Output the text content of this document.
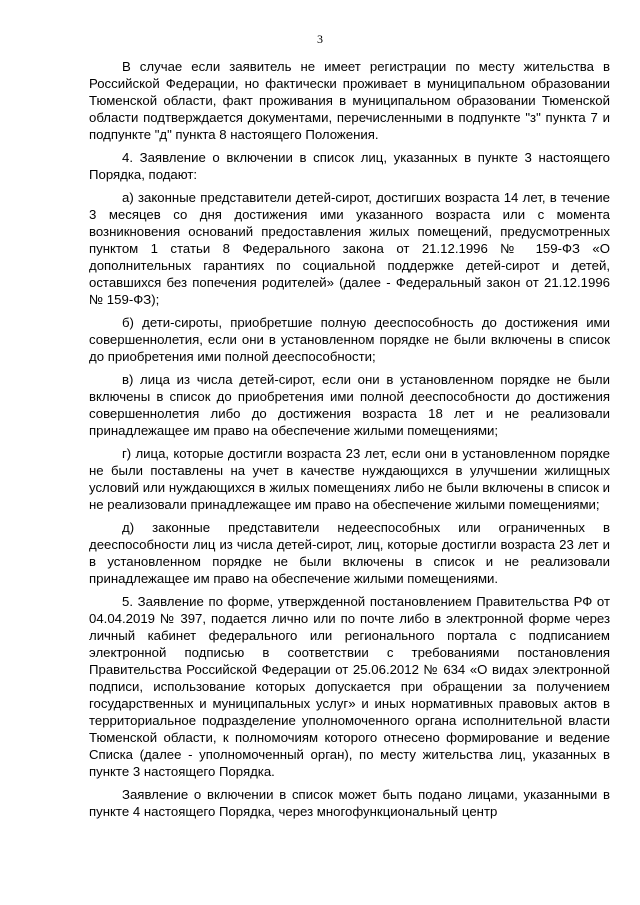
3

В случае если заявитель не имеет регистрации по месту жительства в Российской Федерации, но фактически проживает в муниципальном образовании Тюменской области, факт проживания в муниципальном образовании Тюменской области подтверждается документами, перечисленными в подпункте "з" пункта 7 и подпункте "д" пункта 8 настоящего Положения.

4. Заявление о включении в список лиц, указанных в пункте 3 настоящего Порядка, подают:

а) законные представители детей-сирот, достигших возраста 14 лет, в течение 3 месяцев со дня достижения ими указанного возраста или с момента возникновения оснований предоставления жилых помещений, предусмотренных пунктом 1 статьи 8 Федерального закона от 21.12.1996 № 159-ФЗ «О дополнительных гарантиях по социальной поддержке детей-сирот и детей, оставшихся без попечения родителей» (далее - Федеральный закон от 21.12.1996 № 159-ФЗ);

б) дети-сироты, приобретшие полную дееспособность до достижения ими совершеннолетия, если они в установленном порядке не были включены в список до приобретения ими полной дееспособности;

в) лица из числа детей-сирот, если они в установленном порядке не были включены в список до приобретения ими полной дееспособности до достижения совершеннолетия либо до достижения возраста 18 лет и не реализовали принадлежащее им право на обеспечение жилыми помещениями;

г) лица, которые достигли возраста 23 лет, если они в установленном порядке не были поставлены на учет в качестве нуждающихся в улучшении жилищных условий или нуждающихся в жилых помещениях либо не были включены в список и не реализовали принадлежащее им право на обеспечение жилыми помещениями;

д) законные представители недееспособных или ограниченных в дееспособности лиц из числа детей-сирот, лиц, которые достигли возраста 23 лет и в установленном порядке не были включены в список и не реализовали принадлежащее им право на обеспечение жилыми помещениями.

5. Заявление по форме, утвержденной постановлением Правительства РФ от 04.04.2019 № 397, подается лично или по почте либо в электронной форме через личный кабинет федерального или регионального портала с подписанием электронной подписью в соответствии с требованиями постановления Правительства Российской Федерации от 25.06.2012 № 634 «О видах электронной подписи, использование которых допускается при обращении за получением государственных и муниципальных услуг» и иных нормативных правовых актов в территориальное подразделение уполномоченного органа исполнительной власти Тюменской области, к полномочиям которого отнесено формирование и ведение Списка (далее - уполномоченный орган), по месту жительства лиц, указанных в пункте 3 настоящего Порядка.

Заявление о включении в список может быть подано лицами, указанными в пункте 4 настоящего Порядка, через многофункциональный центр
